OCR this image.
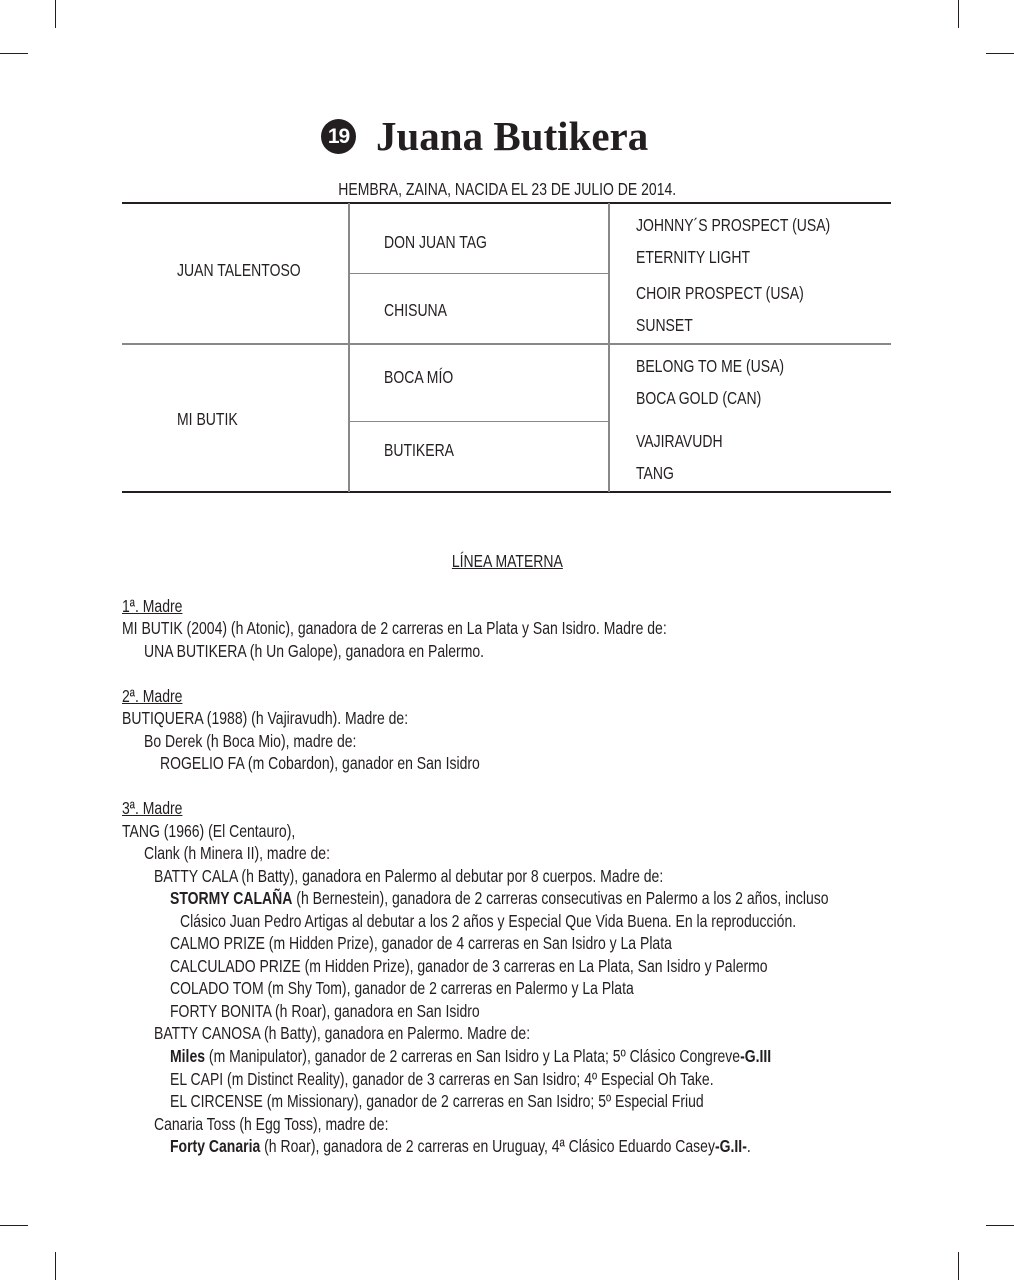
19 Juana Butikera
HEMBRA, ZAINA, NACIDA EL 23 DE JULIO DE 2014.
JUAN TALENTOSO
MI BUTIK
DON JUAN TAG
CHISUNA
BOCA MÍO
BUTIKERA
JOHNNY´S PROSPECT (USA)
ETERNITY LIGHT
CHOIR PROSPECT (USA)
SUNSET
BELONG TO ME (USA)
BOCA GOLD (CAN)
VAJIRAVUDH
TANG
LÍNEA MATERNA
1ª. Madre
MI BUTIK (2004) (h Atonic), ganadora de 2 carreras en La Plata y San Isidro. Madre de:
UNA BUTIKERA (h Un Galope), ganadora en Palermo.
2ª. Madre
BUTIQUERA (1988) (h Vajiravudh). Madre de:
Bo Derek (h Boca Mio), madre de:
ROGELIO FA (m Cobardon), ganador en San Isidro
3ª. Madre
TANG (1966) (El Centauro),
Clank (h Minera II), madre de:
BATTY CALA (h Batty), ganadora en Palermo al debutar por 8 cuerpos. Madre de:
STORMY CALAÑA (h Bernestein), ganadora de 2 carreras consecutivas en Palermo a los 2 años, incluso
Clásico Juan Pedro Artigas al debutar a los 2 años y Especial Que Vida Buena. En la reproducción.
CALMO PRIZE (m Hidden Prize), ganador de 4 carreras en San Isidro y La Plata
CALCULADO PRIZE (m Hidden Prize), ganador de 3 carreras en La Plata, San Isidro y Palermo
COLADO TOM (m Shy Tom), ganador de 2 carreras en Palermo y La Plata
FORTY BONITA (h Roar), ganadora en San Isidro
BATTY CANOSA (h Batty), ganadora en Palermo. Madre de:
Miles (m Manipulator), ganador de 2 carreras en San Isidro y La Plata; 5º Clásico Congreve-G.III
EL CAPI (m Distinct Reality), ganador de 3 carreras en San Isidro; 4º Especial Oh Take.
EL CIRCENSE (m Missionary), ganador de 2 carreras en San Isidro; 5º Especial Friud
Canaria Toss (h Egg Toss), madre de:
Forty Canaria (h Roar), ganadora de 2 carreras en Uruguay, 4ª Clásico Eduardo Casey-G.II-.
